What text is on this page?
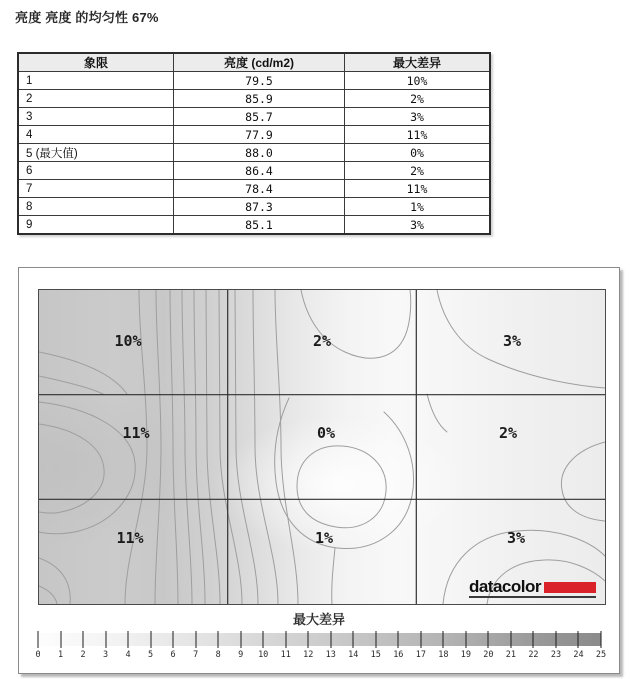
亮度 亮度 的均匀性 67%
象限	亮度 (cd/m2)	最大差异
1	79.5	10%
2	85.9	2%
3	85.7	3%
4	77.9	11%
5 (最大值)	88.0	0%
6	86.4	2%
7	78.4	11%
8	87.3	1%
9	85.1	3%
10%	2%	3%
11%	0%	2%
11%	1%	3%
datacolor
最大差异
0 1 2 3 4 5 6 7 8 9 10 11 12 13 14 15 16 17 18 19 20 21 22 23 24 25
